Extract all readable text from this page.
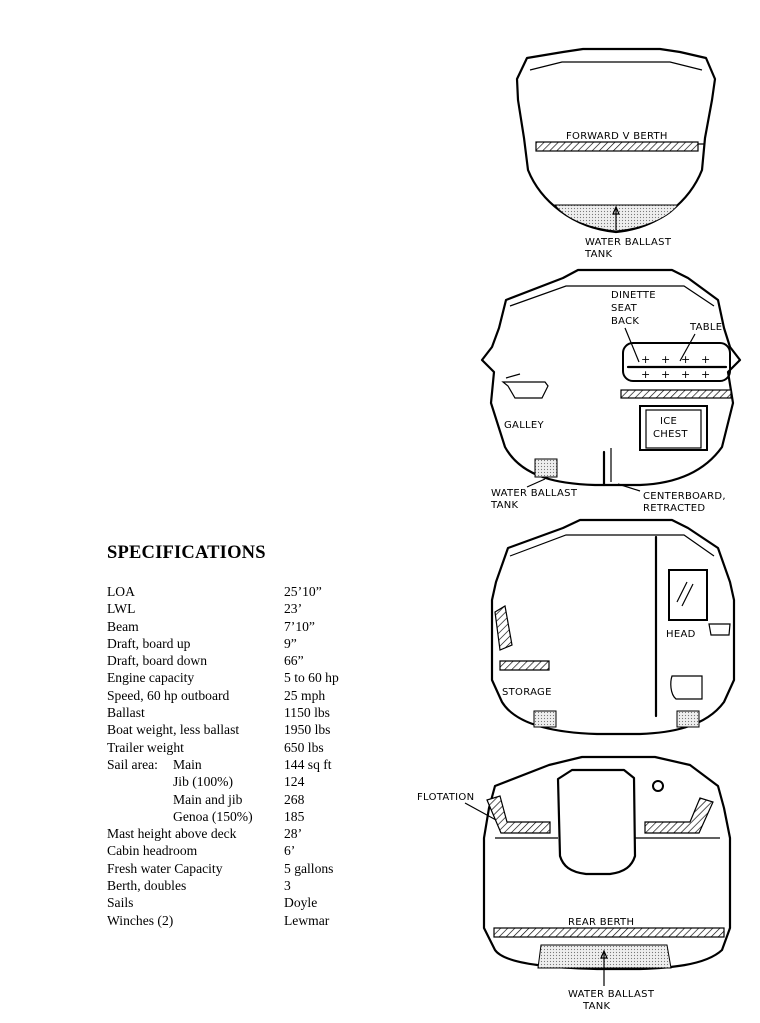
FORWARD V BERTH
WATER BALLAST
TANK
+ + + +
+ + + +
DINETTE
SEAT
BACK
TABLE
GALLEY	ICE
CHEST
WATER BALLAST
TANK
CENTERBOARD,
RETRACTED
STORAGE
HEAD
FLOTATION
REAR BERTH
WATER BALLAST
TANK
SPECIFICATIONS
LOA	25’10”
LWL	23’
Beam	7’10”
Draft, board up	9”
Draft, board down	66”
Engine capacity	5 to 60 hp
Speed, 60 hp outboard	25 mph
Ballast	1150 lbs
Boat weight, less ballast	1950 lbs
Trailer weight	650 lbs
Sail area: Main	144 sq ft
Jib (100%)	124
Main and jib	268
Genoa (150%) 185
Mast height above deck	28’
Cabin headroom	6’
Fresh water Capacity	5 gallons
Berth, doubles	3
Sails	Doyle
Winches (2)	Lewmar
